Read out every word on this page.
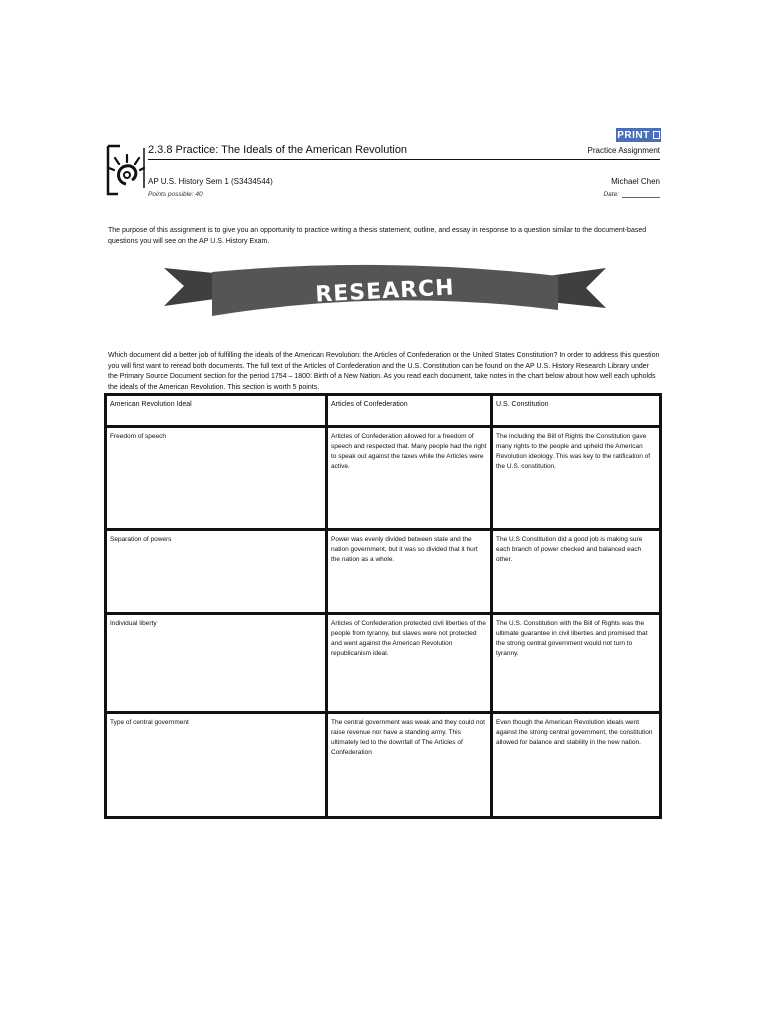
PRINT
2.3.8 Practice: The Ideals of the American Revolution	Practice Assignment
AP U.S. History Sem 1 (S3434544)	Michael Chen
Points possible: 40	Date:
The purpose of this assignment is to give you an opportunity to practice writing a thesis statement, outline, and essay in response to a question similar to the document-based questions you will see on the AP U.S. History Exam.
RESEARCH
Which document did a better job of fulfilling the ideals of the American Revolution: the Articles of Confederation or the United States Constitution? In order to address this question you will first want to reread both documents. The full text of the Articles of Confederation and the U.S. Constitution can be found on the AP U.S. History Research Library under the Primary Source Document section for the period 1754 – 1800: Birth of a New Nation. As you read each document, take notes in the chart below about how well each upholds the ideals of the American Revolution. This section is worth 5 points.
American Revolution Ideal	Articles of Confederation	U.S. Constitution
Freedom of speech	Articles of Confederation allowed for a freedom of speech and respected that. Many people had the right to speak out against the taxes while the Articles were active.	The including the Bill of Rights the Constitution gave many rights to the people and upheld the American Revolution ideology. This was key to the ratification of the U.S. constitution.
Separation of powers	Power was evenly divided between state and the nation government, but it was so divided that it hurt the nation as a whole.	The U.S Constitution did a good job is making sure each branch of power checked and balanced each other.
Individual liberty	Articles of Confederation protected civil liberties of the people from tyranny, but slaves were not protected and went against the American Revolution republicanism ideal.	The U.S. Constitution with the Bill of Rights was the ultimate guarantee in civil liberties and promised that the strong central government would not turn to tyranny.
Type of central government	The central government was weak and they could not raise revenue nor have a standing army. This ultimately led to the downfall of The Articles of Confederation	Even though the American Revolution ideals went against the strong central government, the constitution allowed for balance and stability in the new nation.
